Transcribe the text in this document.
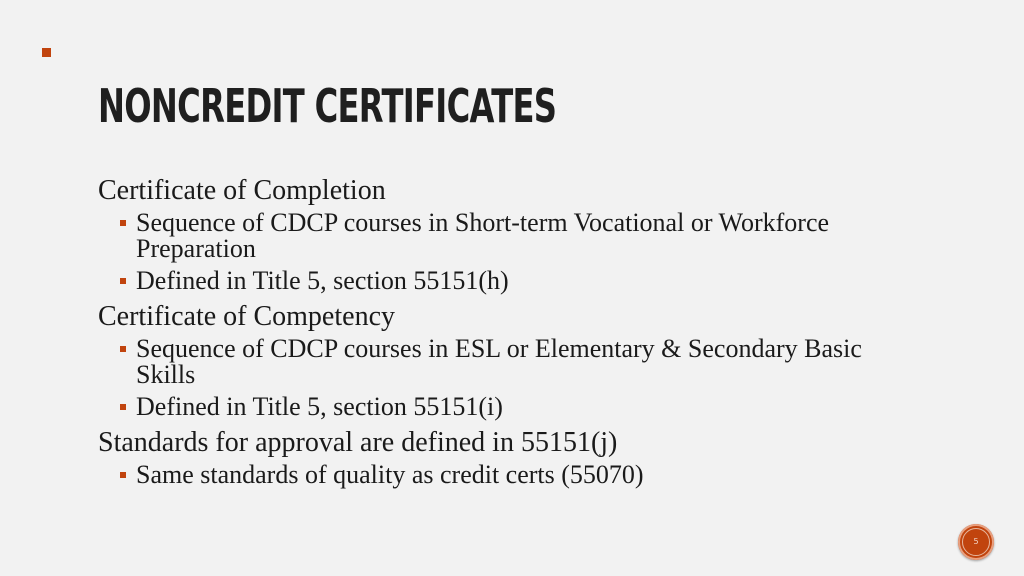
NONCREDIT CERTIFICATES

Certificate of Completion

Sequence of CDCP courses in Short-term Vocational or Workforce Preparation
Defined in Title 5, section 55151(h)

Certificate of Competency

Sequence of CDCP courses in ESL or Elementary & Secondary Basic Skills
Defined in Title 5, section 55151(i)

Standards for approval are defined in 55151(j)

Same standards of quality as credit certs (55070)
5
